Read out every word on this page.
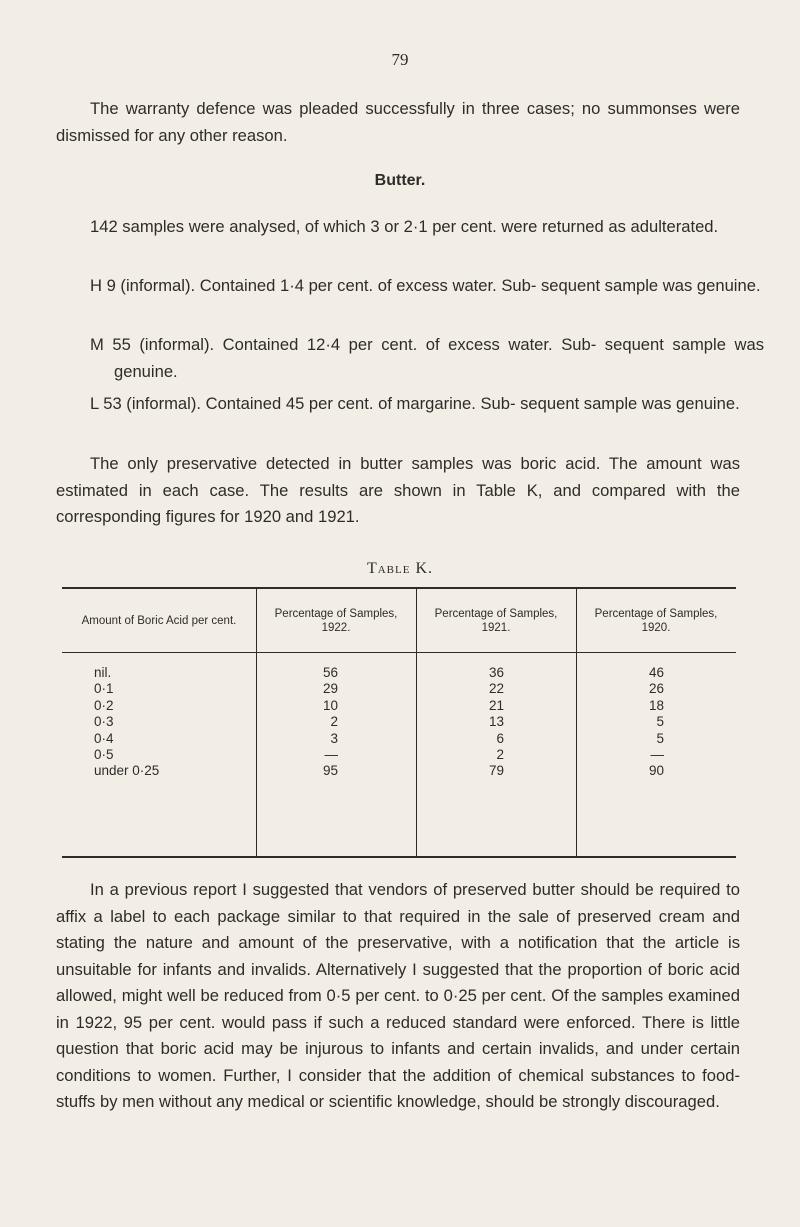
79

The warranty defence was pleaded successfully in three cases; no summonses were dismissed for any other reason.

Butter.

142 samples were analysed, of which 3 or 2·1 per cent. were returned as adulterated.

H 9 (informal). Contained 1·4 per cent. of excess water. Sub- sequent sample was genuine.

M 55 (informal). Contained 12·4 per cent. of excess water. Sub- sequent sample was genuine.

L 53 (informal). Contained 45 per cent. of margarine. Sub- sequent sample was genuine.

The only preservative detected in butter samples was boric acid. The amount was estimated in each case. The results are shown in Table K, and compared with the corresponding figures for 1920 and 1921.

Table K.
Amount of Boric Acid per cent.
Percentage of Samples, 1922.
Percentage of Samples, 1921.
Percentage of Samples, 1920.
nil.
0·1
0·2
0·3
0·4
0·5
under 0·25
56
29
10
2
3
—
95
36
22
21
13
6
2
79
46
26
18
5
5
—
90

In a previous report I suggested that vendors of preserved butter should be required to affix a label to each package similar to that required in the sale of preserved cream and stating the nature and amount of the preservative, with a notification that the article is unsuitable for infants and invalids. Alternatively I suggested that the proportion of boric acid allowed, might well be reduced from 0·5 per cent. to 0·25 per cent. Of the samples examined in 1922, 95 per cent. would pass if such a reduced standard were enforced. There is little question that boric acid may be injurous to infants and certain invalids, and under certain conditions to women. Further, I consider that the addition of chemical substances to food-stuffs by men without any medical or scientific knowledge, should be strongly discouraged.
